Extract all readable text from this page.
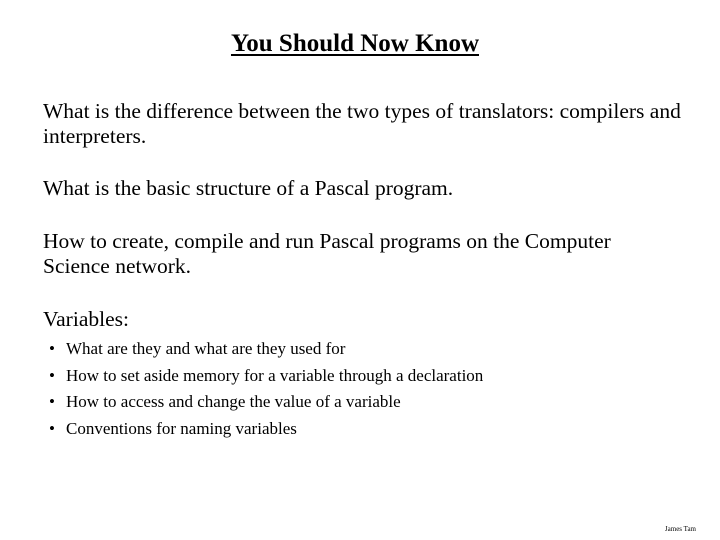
You Should Now Know
What is the difference between the two types of translators: compilers and interpreters.
What is the basic structure of a Pascal program.
How to create, compile and run Pascal programs on the Computer Science network.
Variables:
• What are they and what are they used for
• How to set aside memory for a variable through a declaration
• How to access and change the value of a variable
• Conventions for naming variables
James Tam
